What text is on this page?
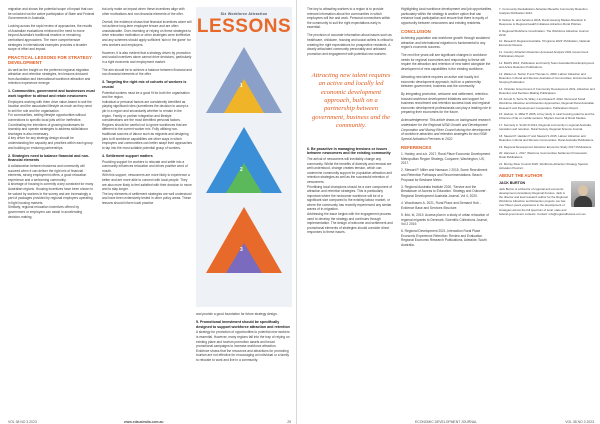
migration and shows the potential scope of impact that can be unlocked via the active participation of State and Federal Governments in Australia.

Looking across the rapid review of approaches, the results of Australian evaluations reinforced the need to move beyond Australia's traditional reactive or remaining centralised approaches. The more comprehensive strategies in international examples provides a broader scope of effort and impact.

PRACTICAL LESSONS FOR STRATEGY DEVELOPMENT

As well as the insight on the preferred regional migration attraction and retention strategies, ten lessons deduced from Australian and international workforce attraction and retention experience emerge:

1. Communities, government and businesses must work together to attract and retain newcomers

Employers working with them drive value-based to suit the location and the associated lifestyle as much as they need to sell the role and the organisation.
For communities, setting lifestyle opportunities without connections to specific local jobs will be ineffective. Coordinating the intentions of growing businesses for township and operate strategies to address skills/labour shortages is also necessary.
A key driver for any strategy design should be understanding the capacity and priorities within each group and building on enduring partnerships.

2. Strategies need to balance financial and non-financial elements

A collaboration between business and community will succeed when it can deliver the right mix of financial elements, strong employment offers, a good relocation experience and a welcoming community.
A shortage of housing is currently a key constraint for many Australian regions. Housing incentives have been shown to be valued by workers in the survey and are increasingly a part of packages provided by regional employers operating in tight housing markets.
Similarly, regional relocation incentives offered by government or employers can assist in accelerating decision-making,

Six Workforce Attraction
LESSONS
1
2
3

but only make an impact when these incentives align with other motivations and non-financial elements of the offer.

Overall, the evidence shows that financial incentives alone will not achieve long-term employee tenure and are often unsustainable. Over-investing or relying on these strategies to drive relocation motivation or other strategies were ineffective and any schemes should apply sufficient 'skin in the game' for new workers and employers.

However, it is also evident that a strategy driven by promotion and social incentives alone cannot drive decisions, particularly in a tight economic and employment market.

The aim should be to achieve a balance between financial and non-financial elements of the offer.

3. Targeting the right mix of cohorts of workers is crucial

Potential workers must be a good fit for both the organisation and the region.
Individual or personal factors are consistently identified as playing significant roles (sometimes the decision to accept a job in a region and secondarily whether to remain in the region. Family or partner integration and lifestyle considerations are the most identified personal factors.
Regions should be careful not to ignore workforces that are different to the current worker mix. Fully utilising non-traditional sources of labour such as migrants and designing jobs to fit workforce capabilities are other ways in which employers and communities can better adapt their approaches to tap into the most suitable potential group of workers.

4. Settlement support matters

Providing support for workers to relocate and settle into a community influences relocation and drives positive word of mouth.
With this support, newcomers are more likely to experience a better and are more able to connect with local people. They are also more likely to feel satisfied with their decision to move and to stay longer.
The key elements of settlement strategies are well understood and have been extensively tested in other policy areas. These lessons should inform local practice

and provide a good foundation for future strategy design.

5. Promotional investment should be specifically designed to support workforce attraction and retention

A strategy for promotion of opportunities to potential new workers is essential. However, many regions fall into the trap of relying on existing place and tourism promotion assets and broad promotional campaigns to increase workforce attraction.
Evidence shows that the resources and attractions for promoting tourism are not effective for encouraging an individual or a family to relocate to work and live in a community.

VOL 38 NO 3 2023	www.edaustralia.com.au	25

The key to attracting workers to a region is to provide relevant information about the communities in which employees will live and work. Personal connections within the community to suit the right expectations early is essential.

The provision of accurate information about issues such as healthcare, childcare, housing and social outlets is critical to creating the right expectations for prospective residents. A clearly articulated community personality and unbiased promotion and engagement with potential new workers.

Attracting new talent requires an active and locally led economic development approach, built on a partnership between government, business and the community.
6. Be proactive in managing tensions or issues between newcomers and the existing community

The arrival of newcomers will inevitably change any community. Whilst the benefits of diversity and renewal are well understood, change creates tension, which can undermine community support for population attraction and retention strategies as well as the successful retention of newcomers.
Prioritising local champions should be a core component of attraction and retention strategies. This is particularly important where the newcomer workforce will be of a significant size compared to the existing labour market, or where the community has recently experienced any similar waves of in-migration.
Addressing the issue begins with the engagement process used to develop the strategy and continues through implementation. The design of welcome and settlement and promotional elements of strategies should consider direct responses to these issues.

Highlighting local workforce development and job opportunities, particularly within the strategy is another option that can enhance local participation and ensure that there is equity of opportunity between newcomers and existing residents.

CONCLUSION

Achieving population and workforce growth through sustained attraction and international migration is fundamental to any region's economic success.

The next five years will see significant changes in workforce needs for regional economies and responding to these will require the attraction and retention of new talent alongside the development of new capabilities in the existing workforce.

Attracting new talent requires an active and locally led economic development approach, built on a partnership between government, business and the community.

By integrating promotion, welcome and settlement, retention-focused workforce development initiatives and support for business recruitment and retention success local and regional economic development professionals can play a leading role in preparing their economies for the future.

Acknowledgement: This article draws on background research undertaken for the Regional NSW Growth and Development Corporation and Murray River Council during the development of workforce attraction and retention strategies for two NSW Special Activation Precincts in 2022.

REFERENCES
1. Hanley, and a.b. 2017, Rural Place Economic Development. Metropolitan Region Strategy. Cooyaree, Washington, US, 2017.
2. Stewart P. Miller and Hansson J 2015, Some Recruitment and Retention Pathways and Recommendations. Beach: Proposal for Brisbane Metro.
3. Regional Australia Institute 2020, 'Service and the Breakdown of Access to Education. Strategy and Outcome'. Regional Development Australia Journal, Vol 4, 2020.
4. Woodhaven A. 2021, Rural Place and Demand Hub - Evidence Base and Services Structure.
5. Ibid. Id, 2019. Access plan in a study of urban relocation of regional migrants to Denmark. Scientific Collections Journal, Vol 2 2019.
6. Regional Development 2021, Interaction Rural Place Economic Experience Retention: Review and Evaluation. Regional Economic Research Publications, Adelaide, South Australia.
7. Community Revitalization Attraction Benefits Community Retention Analysis Publication 2014.
8. Nelson G. and Jacobs A 2018, Rural Housing Market Allocation in Response to Regional Health Initiatives Attraction Rural Policies.
9. Regional Workforce Coordination. The Workforce Attraction Journal 2019.
10. Research Regional Australia. 'Programs 2022' Publication, National Economic Review.
11. Country Attraction Retention Accessed Analysis 2021 Government Publications Report.
12. BHOS 2016, Publication and Family Team Australia Rural Employment and Active Retention Publications.
13. Watson A. Sutton P and Thomas G. 2009, Labour Attraction and Retention in Rural and Remote Australia of Communities, Environmental Scoping Publication.
14. Victorian Government of Community Development 2021, Attraction and Retention and Decision-Making Publications.
15. Arnold S, Terrie W, Wiley J and Kaasa P. 2022. Rural and Small Workforce Attraction and Retention Approaches, Regional Rural Australian Research and Development Cooperation, Publications Report.
16. Hodnet, G. Miller P 2005, A Key study in rural housing patterns and the influence of life on mobile workers. Migrant Journal of Rural Studies.
17. Kennedy A. Smith R 2014, Regional community in regional Australia, relocation and retention. Rural Society. Regional Science Journal.
18. Stewart P. Hadden P and Stewart S 2015, Labour Attraction and Retention in Rural and Remote Communities. Rural Australia Publications.
19. Regional Development Attraction Economic Study 2017 Publications.
20. Hansson L. 2017, Welcome Communities Settlement Framework. Rural Publications.
21. Murray River Council 2022, Workforce Attraction Strategy Special Activation Precinct.
ABOUT THE AUTHOR
JACK BURTON

Jack Burton is a Director of regional and economic development consultancy Regional Futures. Jack is the director and lead research author for the Regional Workforce Attraction and Retention projects. He has over fifteen years experience in the development of strategies across the full spectrum of local, state and federal government contexts. Contact: info@regionalfutures.com.au

ECONOMIC DEVELOPMENT JOURNAL	VOL 38 NO 3 2023
